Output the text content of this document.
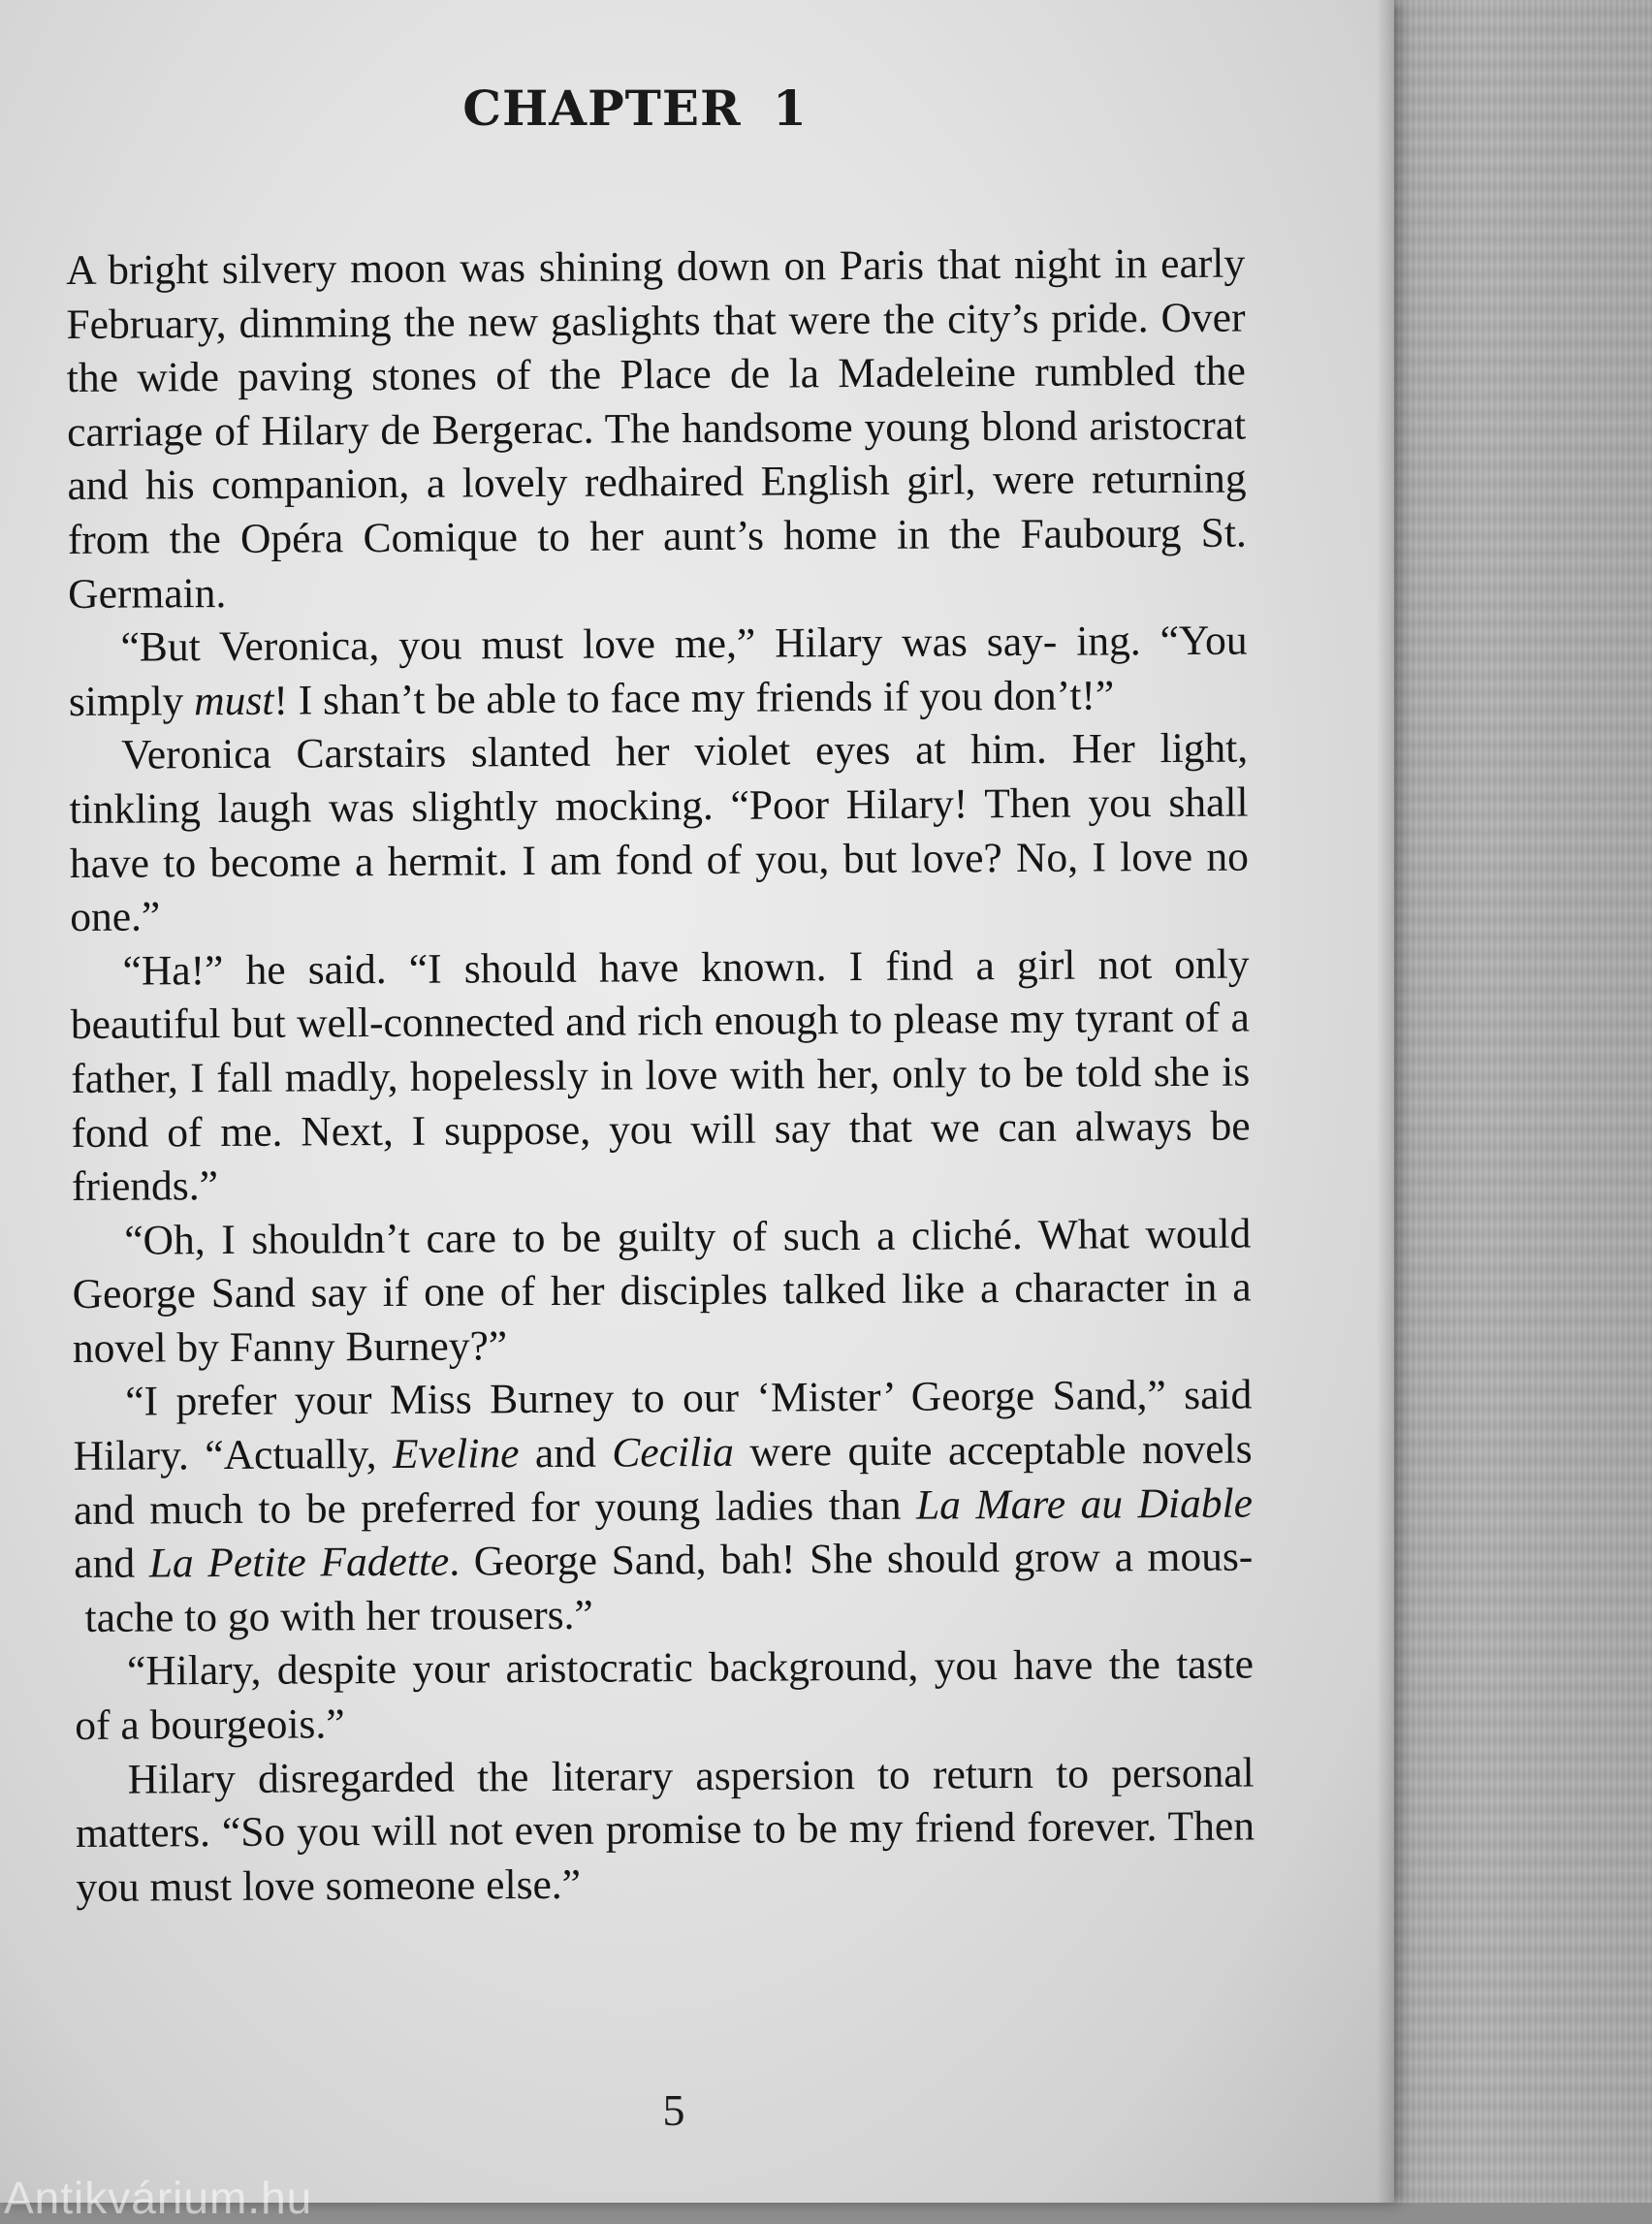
CHAPTER 1

A bright silvery moon was shining down on Paris that night in early February, dimming the new gaslights that were the city’s pride. Over the wide paving stones of the Place de la Madeleine rumbled the carriage of Hilary de Bergerac. The handsome young blond aristocrat and his companion, a lovely redhaired English girl, were returning from the Opéra Comique to her aunt’s home in the Faubourg St. Germain.

“But Veronica, you must love me,” Hilary was say- ing. “You simply must! I shan’t be able to face my friends if you don’t!”

Veronica Carstairs slanted her violet eyes at him. Her light, tinkling laugh was slightly mocking. “Poor Hilary! Then you shall have to become a hermit. I am fond of you, but love? No, I love no one.”

“Ha!” he said. “I should have known. I find a girl not only beautiful but well-connected and rich enough to please my tyrant of a father, I fall madly, hopelessly in love with her, only to be told she is fond of me. Next, I suppose, you will say that we can always be friends.”

“Oh, I shouldn’t care to be guilty of such a cliché. What would George Sand say if one of her disciples talked like a character in a novel by Fanny Burney?”

“I prefer your Miss Burney to our ‘Mister’ George Sand,” said Hilary. “Actually, Eveline and Cecilia were quite acceptable novels and much to be preferred for young ladies than La Mare au Diable and La Petite Fadette. George Sand, bah! She should grow a mous- tache to go with her trousers.”

“Hilary, despite your aristocratic background, you have the taste of a bourgeois.”

Hilary disregarded the literary aspersion to return to personal matters. “So you will not even promise to be my friend forever. Then you must love someone else.”

5
Antikvárium.hu
